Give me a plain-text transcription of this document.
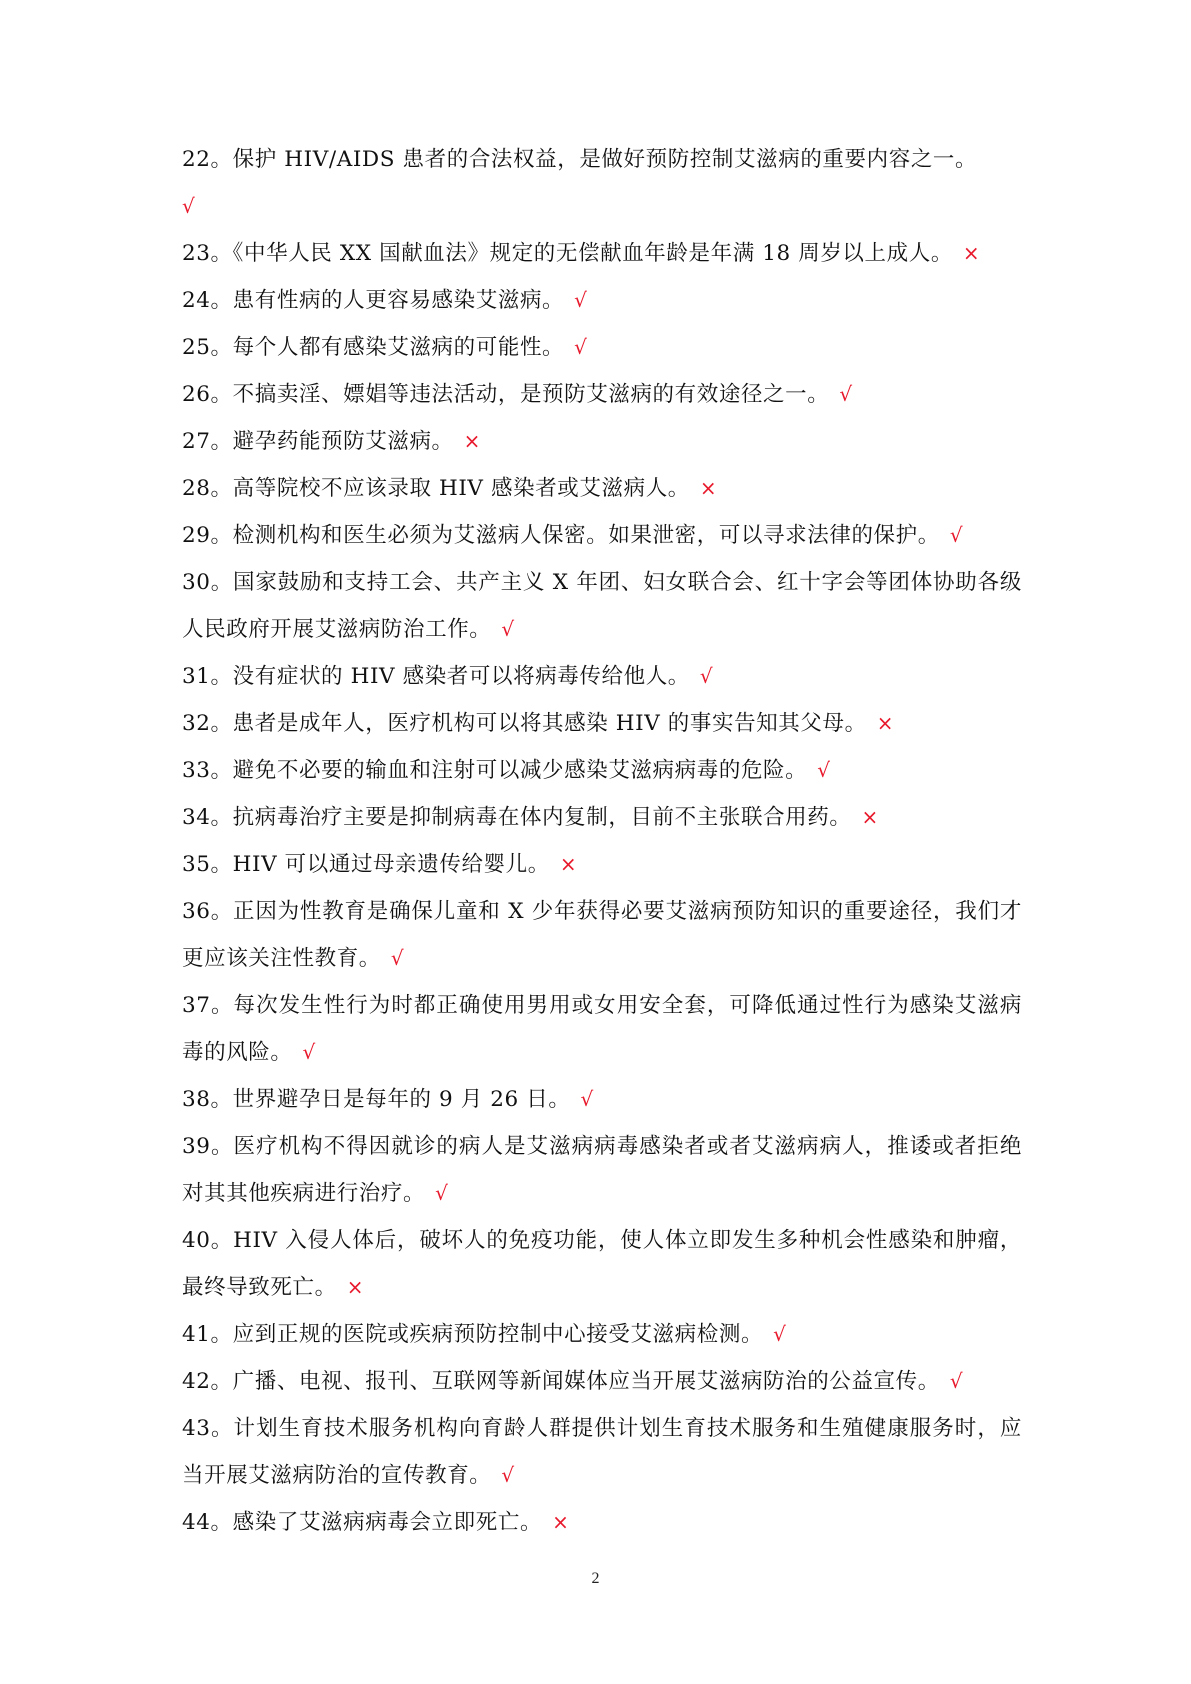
22。保护 HIV/AIDS 患者的合法权益，是做好预防控制艾滋病的重要内容之一。
√

23。《中华人民 XX 国献血法》规定的无偿献血年龄是年满 18 周岁以上成人。 ×

24。患有性病的人更容易感染艾滋病。 √

25。每个人都有感染艾滋病的可能性。 √

26。不搞卖淫、嫖娼等违法活动，是预防艾滋病的有效途径之一。 √

27。避孕药能预防艾滋病。 ×

28。高等院校不应该录取 HIV 感染者或艾滋病人。 ×

29。检测机构和医生必须为艾滋病人保密。如果泄密，可以寻求法律的保护。 √

30。国家鼓励和支持工会、共产主义 X 年团、妇女联合会、红十字会等团体协助各级人民政府开展艾滋病防治工作。 √

31。没有症状的 HIV 感染者可以将病毒传给他人。 √

32。患者是成年人，医疗机构可以将其感染 HIV 的事实告知其父母。 ×

33。避免不必要的输血和注射可以减少感染艾滋病病毒的危险。 √

34。抗病毒治疗主要是抑制病毒在体内复制，目前不主张联合用药。 ×

35。HIV 可以通过母亲遗传给婴儿。 ×

36。正因为性教育是确保儿童和 X 少年获得必要艾滋病预防知识的重要途径，我们才更应该关注性教育。 √

37。每次发生性行为时都正确使用男用或女用安全套，可降低通过性行为感染艾滋病毒的风险。 √

38。世界避孕日是每年的 9 月 26 日。 √

39。医疗机构不得因就诊的病人是艾滋病病毒感染者或者艾滋病病人，推诿或者拒绝对其其他疾病进行治疗。 √

40。HIV 入侵人体后，破坏人的免疫功能，使人体立即发生多种机会性感染和肿瘤，最终导致死亡。 ×

41。应到正规的医院或疾病预防控制中心接受艾滋病检测。 √

42。广播、电视、报刊、互联网等新闻媒体应当开展艾滋病防治的公益宣传。 √

43。计划生育技术服务机构向育龄人群提供计划生育技术服务和生殖健康服务时，应当开展艾滋病防治的宣传教育。 √

44。感染了艾滋病病毒会立即死亡。 ×

2
